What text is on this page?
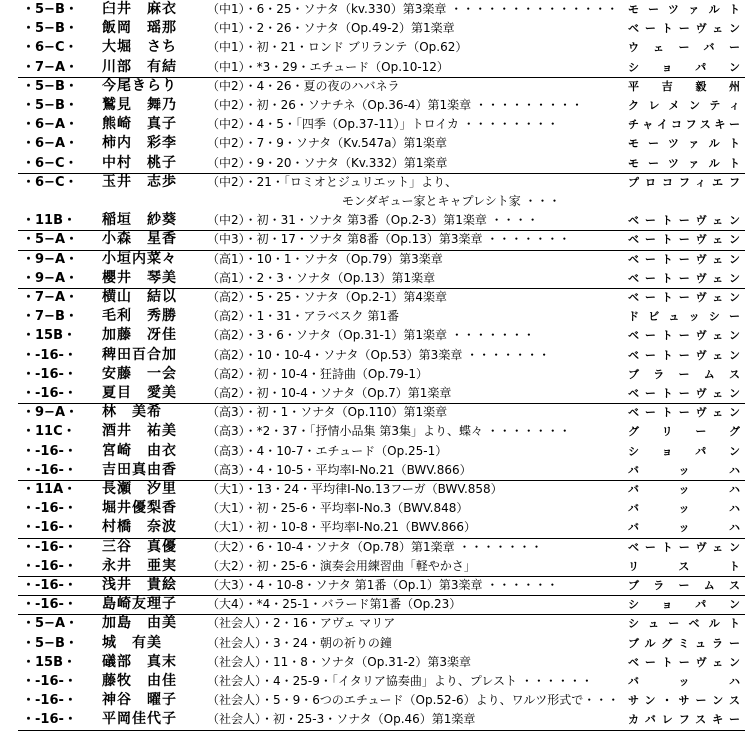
・5−B・ 臼井　麻衣	（中1）・6・25・ソナタ（kv.330）第3楽章 ・・・・・・・・・・・・・・ モーツァルト
・5−B・ 飯岡　瑶那	（中1）・2・26・ソナタ（Op.49-2）第1楽章	ベートーヴェン
・6−C・ 大堀　さち	（中1）・初・21・ロンド ブリランテ（Op.62）	ウェーバー
・7−A・ 川部　有結	（中1）・*3・29・エチュード（Op.10-12）	ショパン
・5−B・ 今尾きらり	（中2）・4・26・夏の夜のハバネラ	平吉毅州
・5−B・ 鷲見　舞乃	（中2）・初・26・ソナチネ（Op.36-4）第1楽章 ・・・・・・・・・	クレメンティ
・6−A・ 熊崎　真子	（中2）・4・5・「四季（Op.37-11）」トロイカ ・・・・・・・・	チャイコフスキー
・6−A・ 柿内　彩李	（中2）・7・9・ソナタ（Kv.547a）第1楽章	モーツァルト
・6−C・ 中村　桃子	（中2）・9・20・ソナタ（Kv.332）第1楽章	モーツァルト
・6−C・ 玉井　志歩	（中2）・21・「ロミオとジュリエット」より、	プロコフィエフ
モンダギュー家とキャプレシト家 ・・・
・11B・ 稲垣　紗葵	（中2）・初・31・ソナタ 第3番（Op.2-3）第1楽章 ・・・・	ベートーヴェン
・5−A・ 小森　星香	（中3）・初・17・ソナタ 第8番（Op.13）第3楽章 ・・・・・・・	ベートーヴェン
・9−A・ 小垣内菜々	（高1）・10・1・ソナタ（Op.79）第3楽章	ベートーヴェン
・9−A・ 櫻井　琴美	（高1）・2・3・ソナタ（Op.13）第1楽章	ベートーヴェン
・7−A・ 横山　結以	（高2）・5・25・ソナタ（Op.2-1）第4楽章	ベートーヴェン
・7−B・ 毛利　秀勝	（高2）・1・31・アラベスク 第1番	ドビュッシー
・15B・ 加藤　冴佳	（高2）・3・6・ソナタ（Op.31-1）第1楽章 ・・・・・・・	ベートーヴェン
・-16-・ 稗田百合加	（高2）・10・10-4・ソナタ（Op.53）第3楽章 ・・・・・・・	ベートーヴェン
・-16-・ 安藤　一会	（高2）・初・10-4・狂詩曲（Op.79-1）	ブラームス
・-16-・ 夏目　愛美	（高2）・初・10-4・ソナタ（Op.7）第1楽章	ベートーヴェン
・9−A・ 林　美希	（高3）・初・1・ソナタ（Op.110）第1楽章	ベートーヴェン
・11C・	酒井　祐美	（高3）・*2・37・「抒情小品集 第3集」より、蝶々 ・・・・・・・	グリーグ
・-16-・ 宮崎　由衣	（高3）・4・10-7・エチュード（Op.25-1）	ショパン
・-16-・ 吉田真由香	（高3）・4・10-5・平均率Ⅰ-No.21（BWV.866）	バッハ
・11A・ 長瀬　汐里	（大1）・13・24・平均律Ⅰ-No.13フーガ（BWV.858）	バッハ
・-16-・ 堀井優梨香	（大1）・初・25-6・平均率Ⅰ-No.3（BWV.848）	バッハ
・-16-・ 村橋　奈波	（大1）・初・10-8・平均率Ⅰ-No.21（BWV.866）	バッハ
・-16-・ 三谷　真優	（大2）・6・10-4・ソナタ（Op.78）第1楽章 ・・・・・・・	ベートーヴェン
・-16-・ 永井　亜実	（大2）・初・25-6・演奏会用練習曲「軽やかさ」	リスト
・-16-・ 浅井　貴絵	（大3）・4・10-8・ソナタ 第1番（Op.1）第3楽章 ・・・・・・	ブラームス
・-16-・ 島崎友理子	（大4）・*4・25-1・バラード第1番（Op.23）	ショパン
・5−A・ 加島　由美	（社会人）・2・16・アヴェ マリア	シューベルト
・5−B・ 城　有美	（社会人）・3・24・朝の祈りの鐘	ブルグミュラー
・15B・ 礒部　真末	（社会人）・11・8・ソナタ（Op.31-2）第3楽章	ベートーヴェン
・-16-・ 藤牧　由佳	（社会人）・4・25-9・「イタリア協奏曲」より、プレスト ・・・・・・	バッハ
・-16-・ 神谷　曜子	（社会人）・5・9・6つのエチュード（Op.52-6）より、ワルツ形式で・・・ サン・サーンス
・-16-・ 平岡佳代子	（社会人）・初・25-3・ソナタ（Op.46）第1楽章	カバレフスキー
